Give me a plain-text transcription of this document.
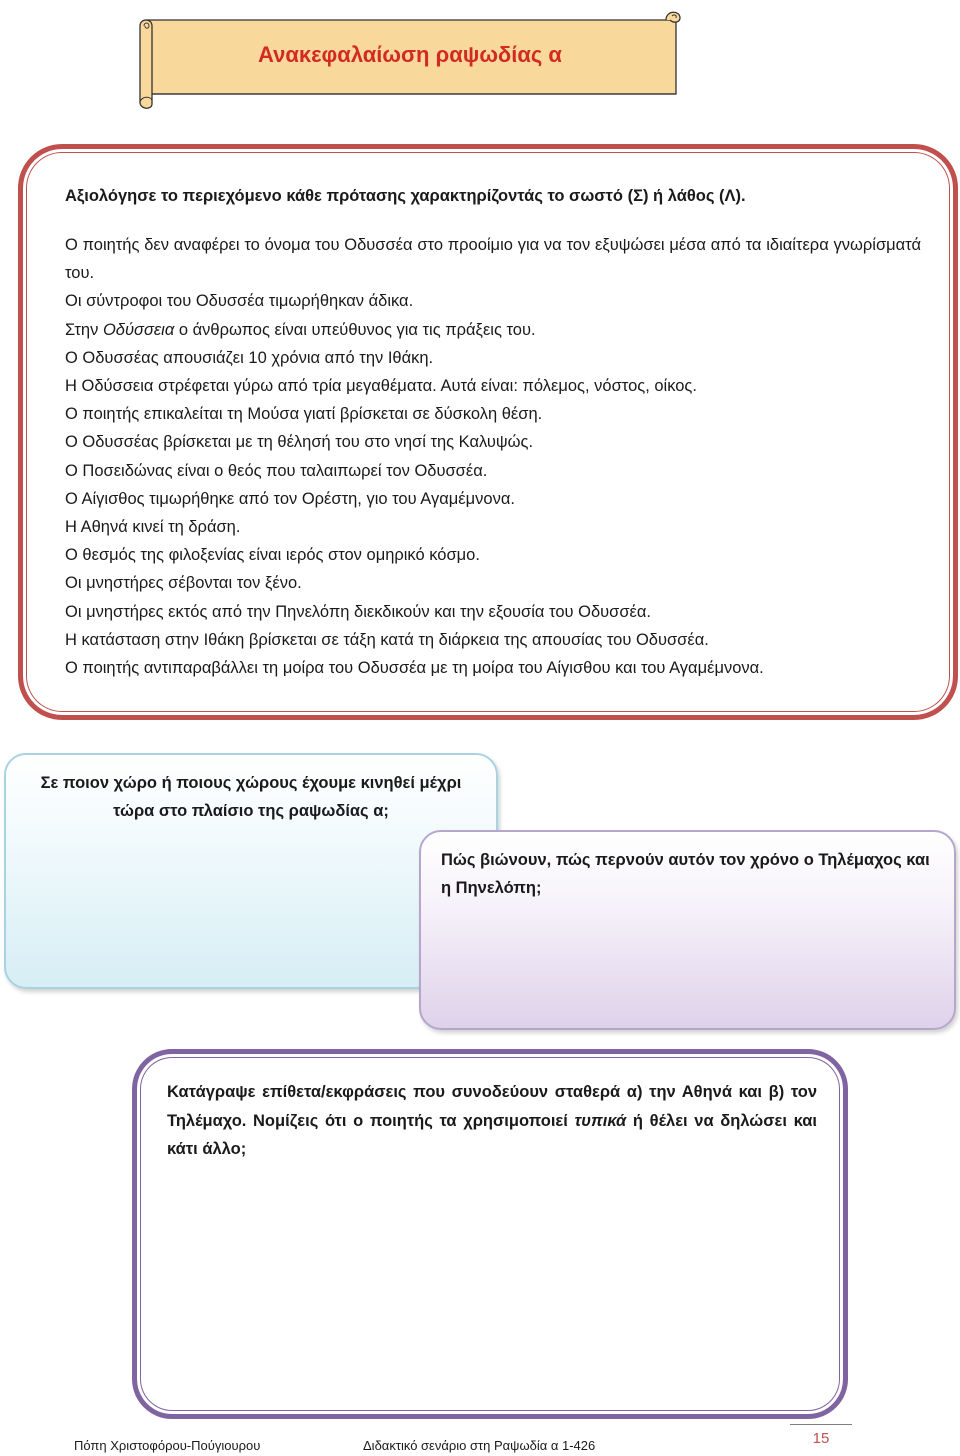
Ανακεφαλαίωση ραψωδίας α
Αξιολόγησε το περιεχόμενο κάθε πρότασης χαρακτηρίζοντάς το σωστό (Σ) ή λάθος (Λ).
Ο ποιητής δεν αναφέρει το όνομα του Οδυσσέα στο προοίμιο για να τον εξυψώσει μέσα από τα ιδιαίτερα γνωρίσματά του.
Οι σύντροφοι του Οδυσσέα τιμωρήθηκαν άδικα.
Στην Οδύσσεια ο άνθρωπος είναι υπεύθυνος για τις πράξεις του.
Ο Οδυσσέας απουσιάζει 10 χρόνια από την Ιθάκη.
Η Οδύσσεια στρέφεται γύρω από τρία μεγαθέματα. Αυτά είναι: πόλεμος, νόστος, οίκος.
Ο ποιητής επικαλείται τη Μούσα γιατί βρίσκεται σε δύσκολη θέση.
Ο Οδυσσέας βρίσκεται με τη θέλησή του στο νησί της Καλυψώς.
Ο Ποσειδώνας είναι ο θεός που ταλαιπωρεί τον Οδυσσέα.
Ο Αίγισθος τιμωρήθηκε από τον Ορέστη, γιο του Αγαμέμνονα.
Η Αθηνά κινεί τη δράση.
Ο θεσμός της φιλοξενίας είναι ιερός στον ομηρικό κόσμο.
Οι μνηστήρες σέβονται τον ξένο.
Οι μνηστήρες εκτός από την Πηνελόπη διεκδικούν και την εξουσία του Οδυσσέα.
Η κατάσταση στην Ιθάκη βρίσκεται σε τάξη κατά τη διάρκεια της απουσίας του Οδυσσέα.
Ο ποιητής αντιπαραβάλλει τη μοίρα του Οδυσσέα με τη μοίρα του Αίγισθου και του Αγαμέμνονα.
Σε ποιον χώρο ή ποιους χώρους έχουμε κινηθεί μέχρι τώρα στο πλαίσιο της ραψωδίας α;
Πώς βιώνουν, πώς περνούν αυτόν τον χρόνο ο Τηλέμαχος και η Πηνελόπη;
Κατάγραψε επίθετα/εκφράσεις που συνοδεύουν σταθερά α) την Αθηνά και β) τον Τηλέμαχο. Νομίζεις ότι ο ποιητής τα χρησιμοποιεί τυπικά ή θέλει να δηλώσει και κάτι άλλο;
Πόπη Χριστοφόρου-Πούγιουρου	Διδακτικό σενάριο στη Ραψωδία α 1-426	15
